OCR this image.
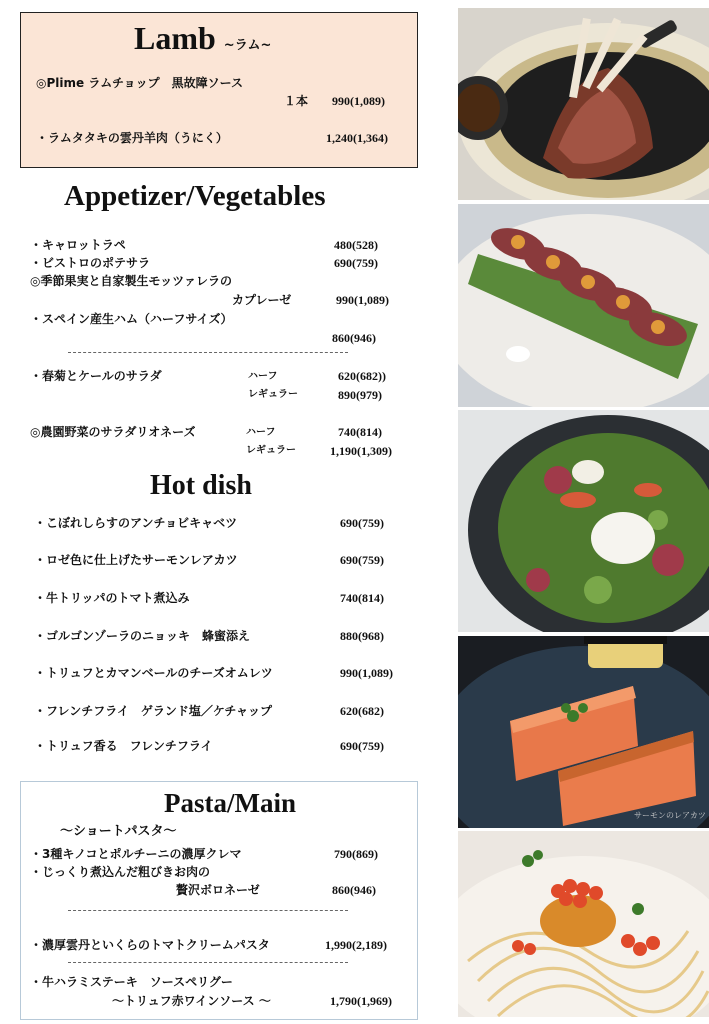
Lamb ~ラム~
◎Plime ラムチョップ　黒故障ソース
１本 990(1,089)
・ラムタタキの雲丹羊肉（うにく）	1,240(1,364)
Appetizer/Vegetables
・キャロットラペ	480(528)
・ビストロのポテサラ	690(759)
◎季節果実と自家製生モッツァレラの
カプレーゼ	990(1,089)
・スペイン産生ハム（ハーフサイズ）
860(946)
・春菊とケールのサラダ	ハーフ	620(682))
レギュラー	890(979)
◎農園野菜のサラダリオネーズ	ハーフ	740(814)
レギュラー	1,190(1,309)
Hot dish
・こぼれしらすのアンチョビキャベツ	690(759)
・ロゼ色に仕上げたサーモンレアカツ	690(759)
・牛トリッパのトマト煮込み	740(814)
・ゴルゴンゾーラのニョッキ　蜂蜜添え	880(968)
・トリュフとカマンベールのチーズオムレツ	990(1,089)
・フレンチフライ　ゲランド塩／ケチャップ	620(682)
・トリュフ香る　フレンチフライ	690(759)
Pasta/Main
～ショートパスタ～
・3種キノコとポルチーニの濃厚クレマ	790(869)
・じっくり煮込んだ粗びきお肉の
贅沢ボロネーゼ	860(946)
・濃厚雲丹といくらのトマトクリームパスタ	1,990(2,189)
・牛ハラミステーキ　ソースペリグー
～トリュフ赤ワインソース ～	1,790(1,969)
サーモンのレアカツ
